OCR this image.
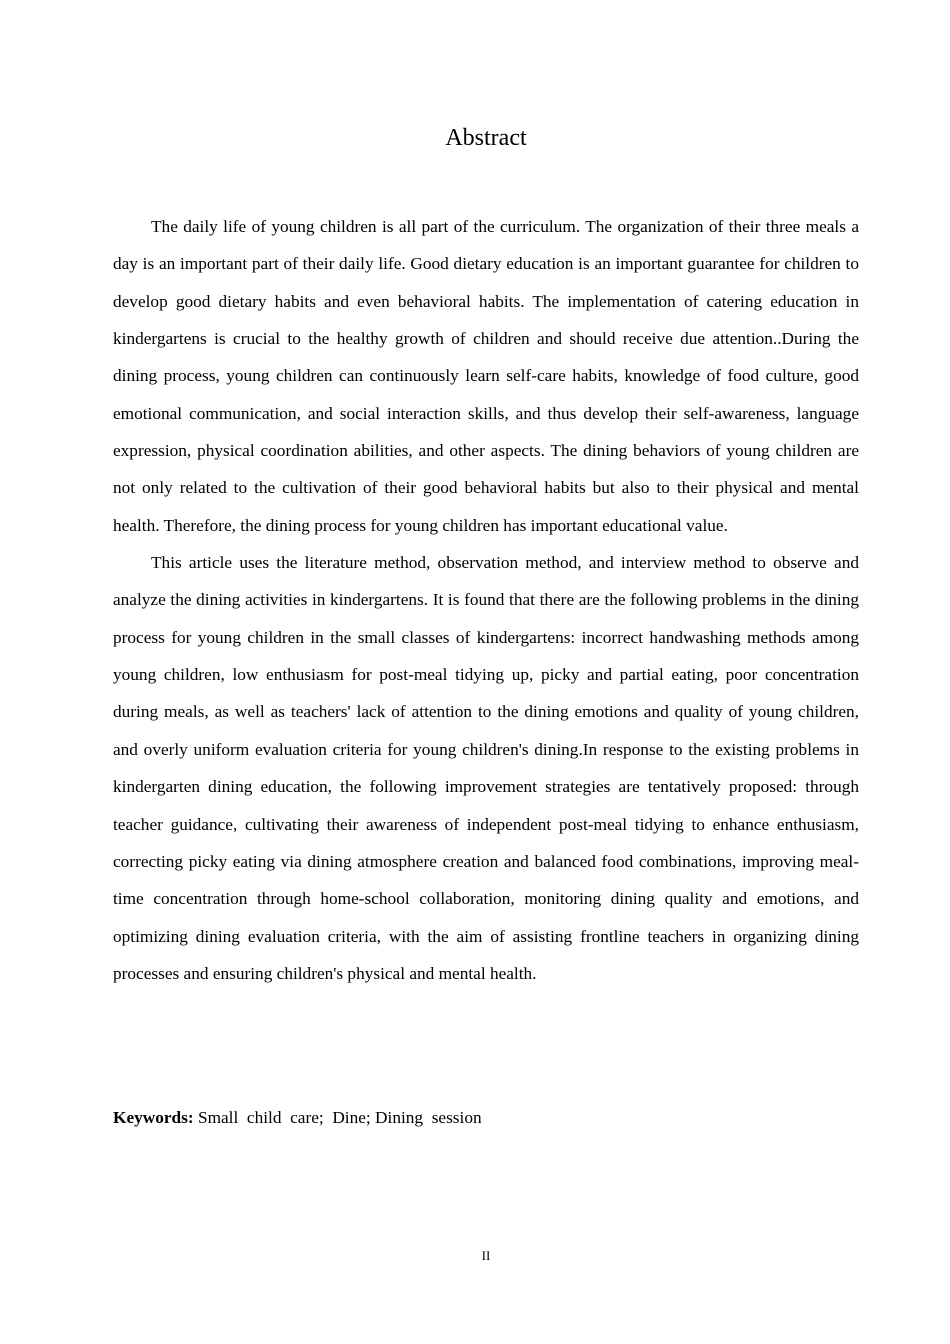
Abstract

The daily life of young children is all part of the curriculum. The organization of their three meals a day is an important part of their daily life. Good dietary education is an important guarantee for children to develop good dietary habits and even behavioral habits. The implementation of catering education in kindergartens is crucial to the healthy growth of children and should receive due attention..During the dining process, young children can continuously learn self-care habits, knowledge of food culture, good emotional communication, and social interaction skills, and thus develop their self-awareness, language expression, physical coordination abilities, and other aspects. The dining behaviors of young children are not only related to the cultivation of their good behavioral habits but also to their physical and mental health. Therefore, the dining process for young children has important educational value.

This article uses the literature method, observation method, and interview method to observe and analyze the dining activities in kindergartens. It is found that there are the following problems in the dining process for young children in the small classes of kindergartens: incorrect handwashing methods among young children, low enthusiasm for post-meal tidying up, picky and partial eating, poor concentration during meals, as well as teachers' lack of attention to the dining emotions and quality of young children, and overly uniform evaluation criteria for young children's dining.In response to the existing problems in kindergarten dining education, the following improvement strategies are tentatively proposed: through teacher guidance, cultivating their awareness of independent post-meal tidying to enhance enthusiasm, correcting picky eating via dining atmosphere creation and balanced food combinations, improving meal-time concentration through home-school collaboration, monitoring dining quality and emotions, and optimizing dining evaluation criteria, with the aim of assisting frontline teachers in organizing dining processes and ensuring children's physical and mental health.

Keywords: Small  child  care;  Dine; Dining  session

II
